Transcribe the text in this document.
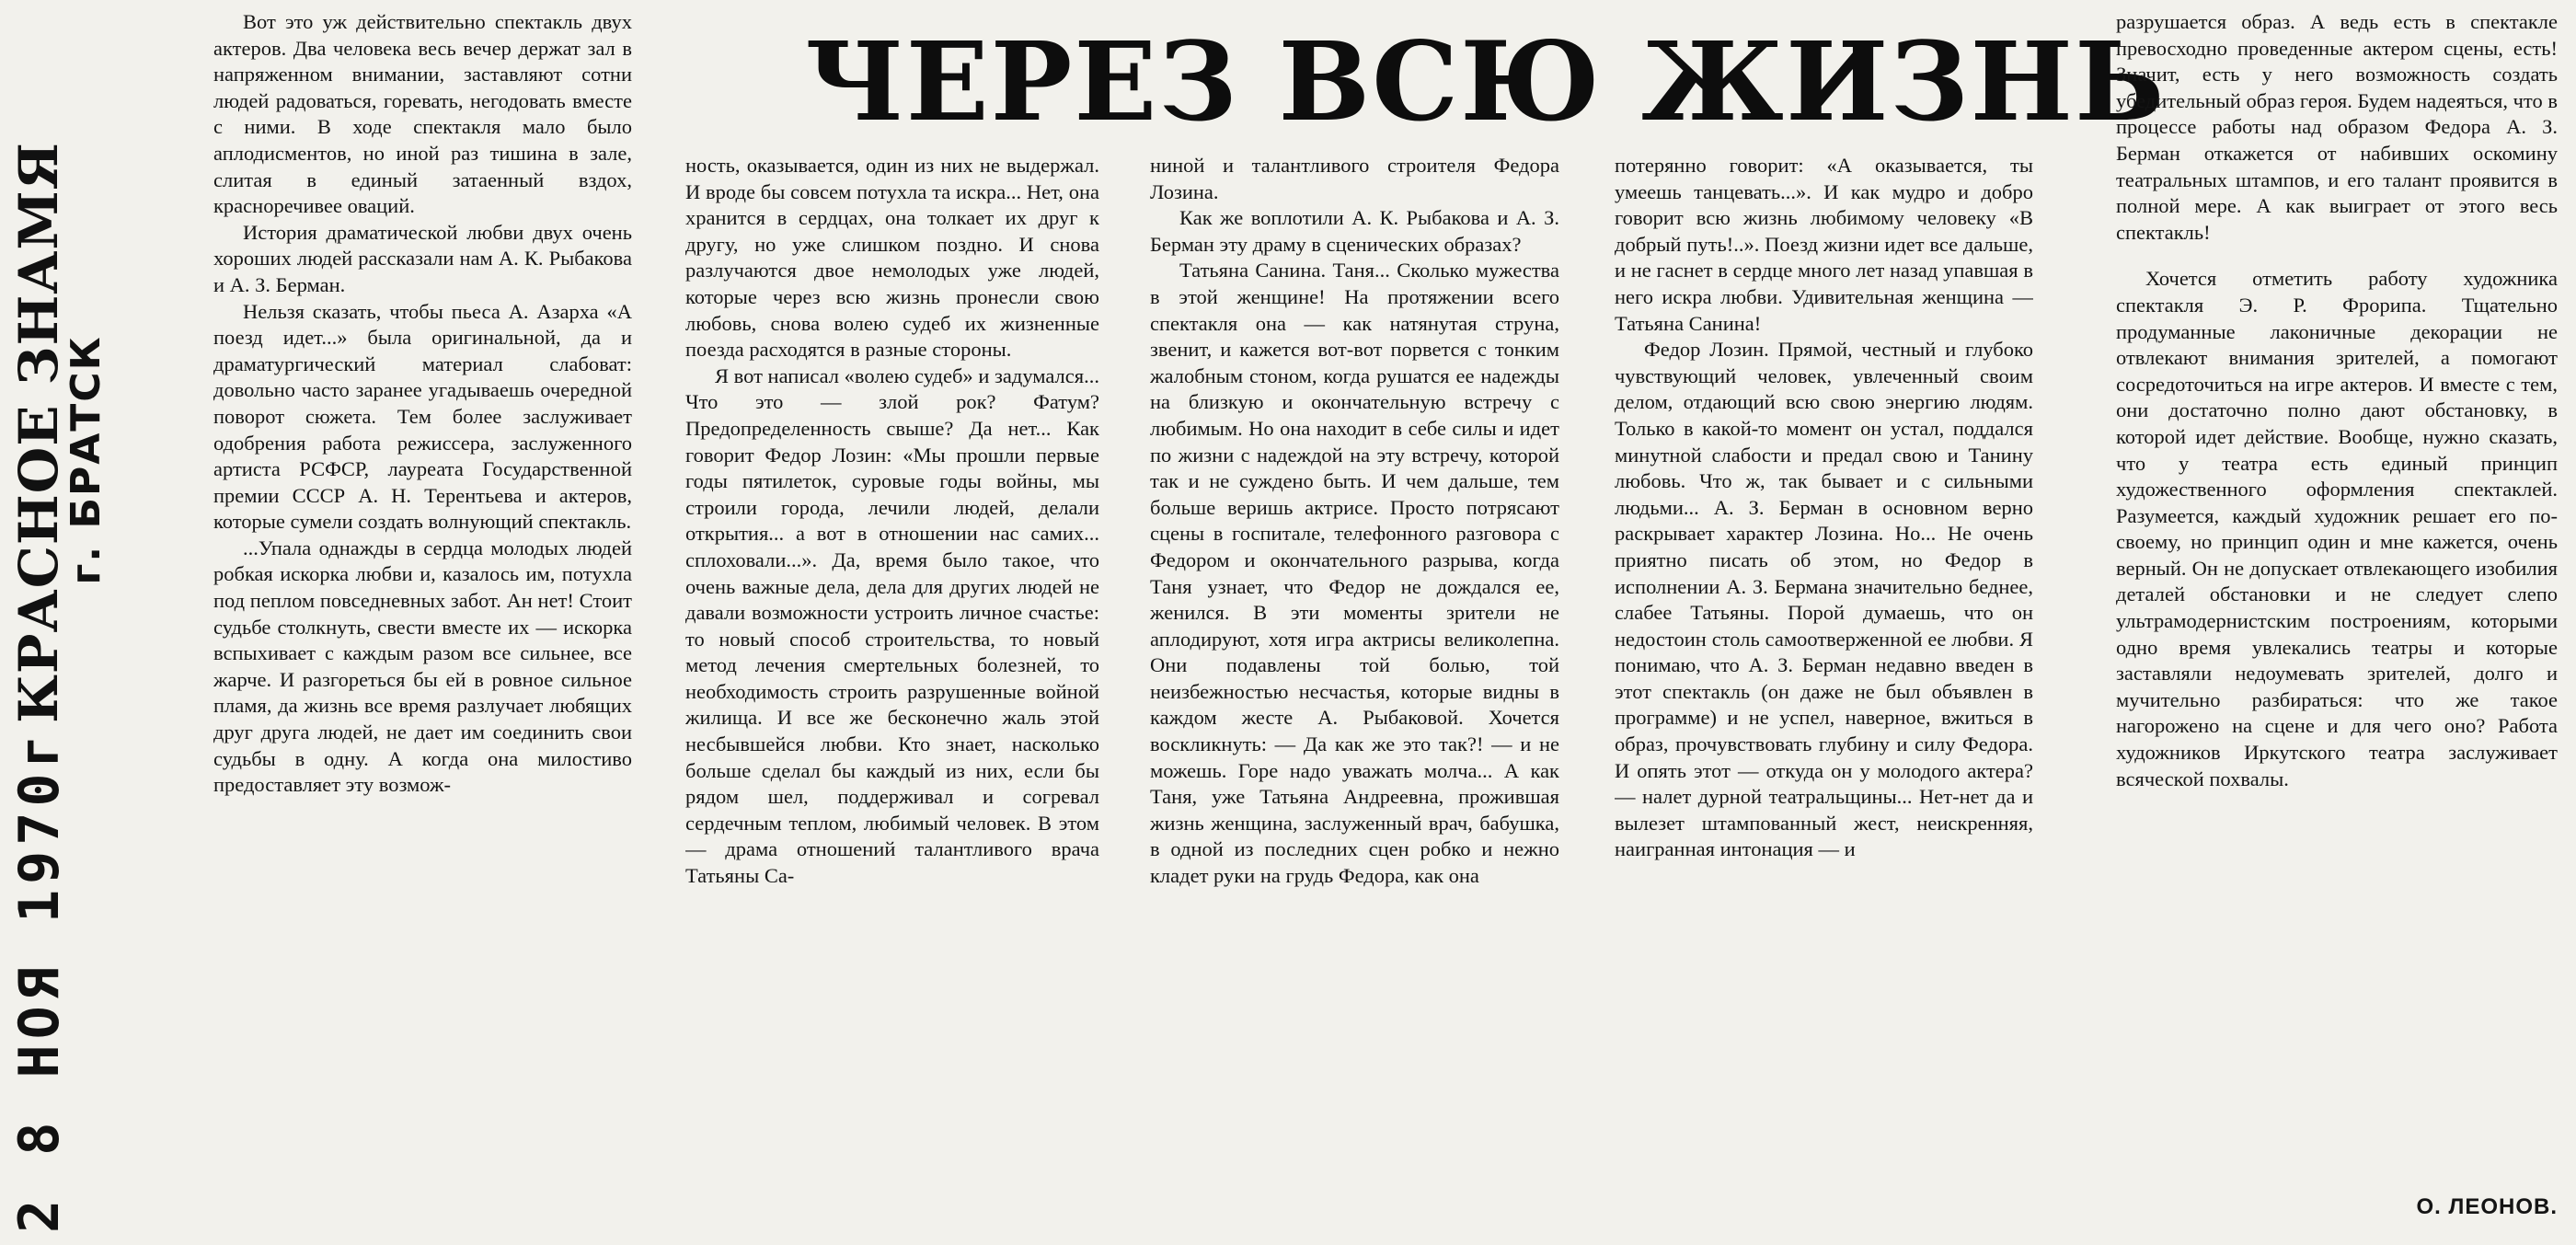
КРАСНОЕ ЗНАМЯ
г. БРАТСК
2 8 НОЯ 1970г
ЧЕРЕЗ ВСЮ ЖИЗНЬ

Вот это уж действительно спектакль двух актеров. Два человека весь вечер держат зал в напряженном внимании, заставляют сотни людей радоваться, горевать, негодовать вместе с ними. В ходе спектакля мало было аплодисментов, но иной раз тишина в зале, слитая в единый затаенный вздох, красноречивее оваций.

История драматической любви двух очень хороших людей рассказали нам А. К. Рыбакова и А. З. Берман.

Нельзя сказать, чтобы пьеса А. Азарха «А поезд идет...» была оригинальной, да и драматургический материал слабоват: довольно часто заранее угадываешь очередной поворот сюжета. Тем более заслуживает одобрения работа режиссера, заслуженного артиста РСФСР, лауреата Государственной премии СССР А. Н. Терентьева и актеров, которые сумели создать волнующий спектакль.

...Упала однажды в сердца молодых людей робкая искорка любви и, казалось им, потухла под пеплом повседневных забот. Ан нет! Стоит судьбе столкнуть, свести вместе их — искорка вспыхивает с каждым разом все сильнее, все жарче. И разгореться бы ей в ровное сильное пламя, да жизнь все время разлучает любящих друг друга людей, не дает им соединить свои судьбы в одну. А когда она милостиво предоставляет эту возмож-

ность, оказывается, один из них не выдержал. И вроде бы совсем потухла та искра... Нет, она хранится в сердцах, она толкает их друг к другу, но уже слишком поздно. И снова разлучаются двое немолодых уже людей, которые через всю жизнь пронесли свою любовь, снова волею судеб их жизненные поезда расходятся в разные стороны.

Я вот написал «волею судеб» и задумался... Что это — злой рок? Фатум? Предопределенность свыше? Да нет... Как говорит Федор Лозин: «Мы прошли первые годы пятилеток, суровые годы войны, мы строили города, лечили людей, делали открытия... а вот в отношении нас самих... сплоховали...». Да, время было такое, что очень важные дела, дела для других людей не давали возможности устроить личное счастье: то новый способ строительства, то новый метод лечения смертельных болезней, то необходимость строить разрушенные войной жилища. И все же бесконечно жаль этой несбывшейся любви. Кто знает, насколько больше сделал бы каждый из них, если бы рядом шел, поддерживал и согревал сердечным теплом, любимый человек. В этом — драма отношений талантливого врача Татьяны Са-

ниной и талантливого строителя Федора Лозина.

Как же воплотили А. К. Рыбакова и А. З. Берман эту драму в сценических образах?

Татьяна Санина. Таня... Сколько мужества в этой женщине! На протяжении всего спектакля она — как натянутая струна, звенит, и кажется вот-вот порвется с тонким жалобным стоном, когда рушатся ее надежды на близкую и окончательную встречу с любимым. Но она находит в себе силы и идет по жизни с надеждой на эту встречу, которой так и не суждено быть. И чем дальше, тем больше веришь актрисе. Просто потрясают сцены в госпитале, телефонного разговора с Федором и окончательного разрыва, когда Таня узнает, что Федор не дождался ее, женился. В эти моменты зрители не аплодируют, хотя игра актрисы великолепна. Они подавлены той болью, той неизбежностью несчастья, которые видны в каждом жесте А. Рыбаковой. Хочется воскликнуть: — Да как же это так?! — и не можешь. Горе надо уважать молча... А как Таня, уже Татьяна Андреевна, прожившая жизнь женщина, заслуженный врач, бабушка, в одной из последних сцен робко и нежно кладет руки на грудь Федора, как она

потерянно говорит: «А оказывается, ты умеешь танцевать...». И как мудро и добро говорит всю жизнь любимому человеку «В добрый путь!..». Поезд жизни идет все дальше, и не гаснет в сердце много лет назад упавшая в него искра любви. Удивительная женщина — Татьяна Санина!

Федор Лозин. Прямой, честный и глубоко чувствующий человек, увлеченный своим делом, отдающий всю свою энергию людям. Только в какой-то момент он устал, поддался минутной слабости и предал свою и Танину любовь. Что ж, так бывает и с сильными людьми... А. З. Берман в основном верно раскрывает характер Лозина. Но... Не очень приятно писать об этом, но Федор в исполнении А. З. Бермана значительно беднее, слабее Татьяны. Порой думаешь, что он недостоин столь самоотверженной ее любви. Я понимаю, что А. З. Берман недавно введен в этот спектакль (он даже не был объявлен в программе) и не успел, наверное, вжиться в образ, прочувствовать глубину и силу Федора. И опять этот — откуда он у молодого актера? — налет дурной театральщины... Нет-нет да и вылезет штампованный жест, неискренняя, наигранная интонация — и

разрушается образ. А ведь есть в спектакле превосходно проведенные актером сцены, есть! Значит, есть у него возможность создать убедительный образ героя. Будем надеяться, что в процессе работы над образом Федора А. З. Берман откажется от набивших оскомину театральных штампов, и его талант проявится в полной мере. А как выиграет от этого весь спектакль!

Хочется отметить работу художника спектакля Э. Р. Фрорипа. Тщательно продуманные лаконичные декорации не отвлекают внимания зрителей, а помогают сосредоточиться на игре актеров. И вместе с тем, они достаточно полно дают обстановку, в которой идет действие. Вообще, нужно сказать, что у театра есть единый принцип художественного оформления спектаклей. Разумеется, каждый художник решает его по-своему, но принцип один и мне кажется, очень верный. Он не допускает отвлекающего изобилия деталей обстановки и не следует слепо ультрамодернистским построениям, которыми одно время увлекались театры и которые заставляли недоумевать зрителей, долго и мучительно разбираться: что же такое нагорожено на сцене и для чего оно? Работа художников Иркутского театра заслуживает всяческой похвалы.

О. ЛЕОНОВ.
